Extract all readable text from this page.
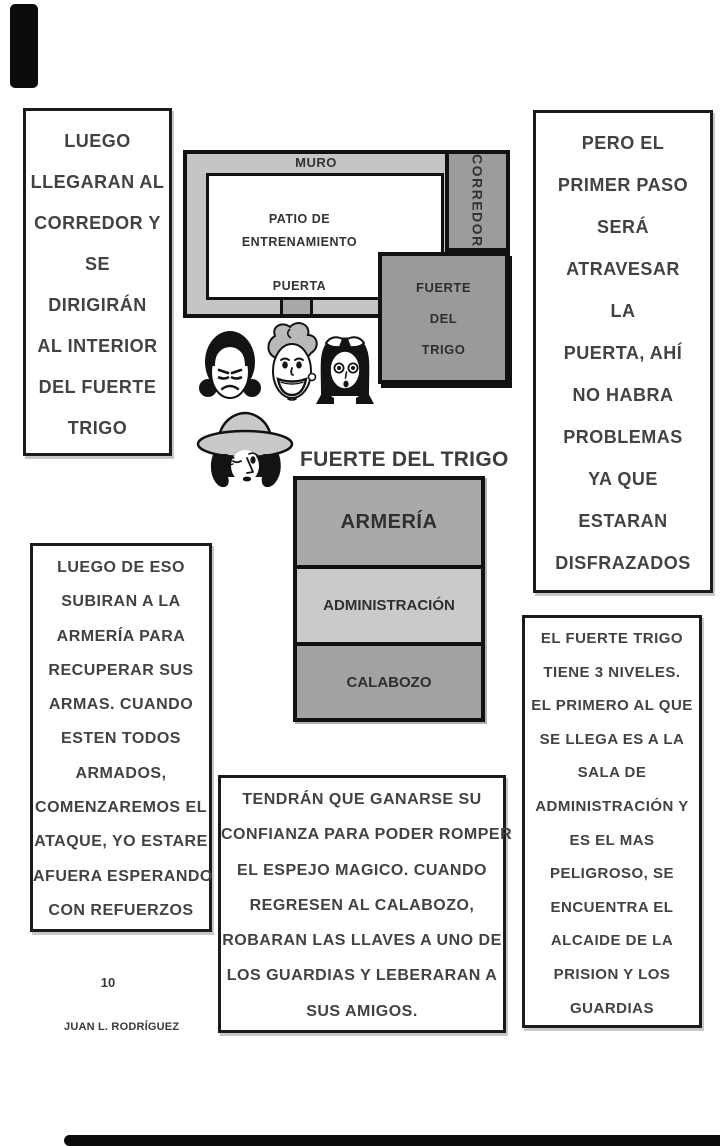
LUEGO
LLEGARAN AL
CORREDOR Y
SE
DIRIGIRÁN
AL INTERIOR
DEL FUERTE
TRIGO
PERO EL
PRIMER PASO
SERÁ
ATRAVESAR
LA
PUERTA, AHÍ
NO HABRA
PROBLEMAS
YA QUE
ESTARAN
DISFRAZADOS
MURO
PATIO DE
ENTRENAMIENTO
PUERTA
CORREDOR
FUERTE
DEL
TRIGO
FUERTE DEL TRIGO
ARMERÍA
ADMINISTRACIÓN
CALABOZO
LUEGO DE ESO
SUBIRAN A LA
ARMERÍA PARA
RECUPERAR SUS
ARMAS. CUANDO
ESTEN TODOS
ARMADOS,
COMENZAREMOS EL
ATAQUE, YO ESTARE
AFUERA ESPERANDO
CON REFUERZOS
TENDRÁN QUE GANARSE SU
CONFIANZA PARA PODER ROMPER
EL ESPEJO MAGICO. CUANDO
REGRESEN AL CALABOZO,
ROBARAN LAS LLAVES A UNO DE
LOS GUARDIAS Y LEBERARAN A
SUS AMIGOS.
EL FUERTE TRIGO
TIENE 3 NIVELES.
EL PRIMERO AL QUE
SE LLEGA ES A LA
SALA DE
ADMINISTRACIÓN Y
ES EL MAS
PELIGROSO, SE
ENCUENTRA EL
ALCAIDE DE LA
PRISION Y LOS
GUARDIAS
10
JUAN L. RODRÍGUEZ
